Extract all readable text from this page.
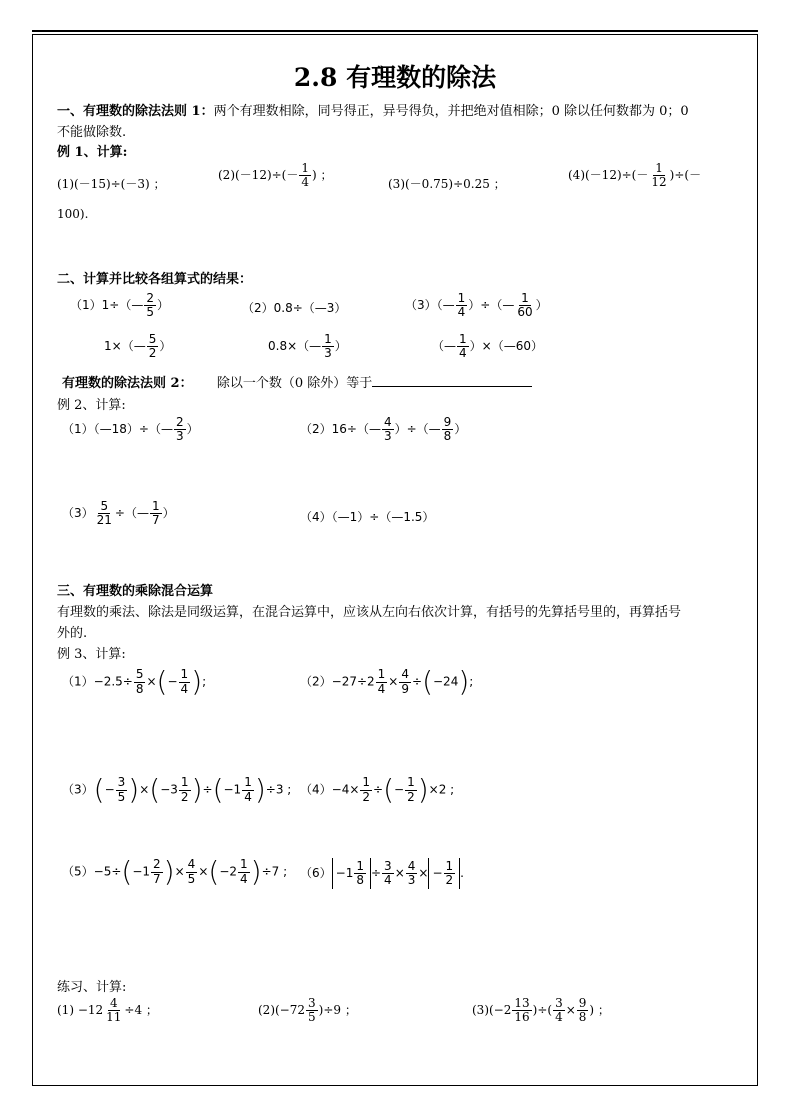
2.8 有理数的除法
一、有理数的除法法则 1：两个有理数相除，同号得正，异号得负，并把绝对值相除；0 除以任何数都为 0；0
不能做除数.
例 1、计算:
(1)(－15)÷(－3) ；
$(2)(-12)\div(- \frac{1}{4}$ ) ；
(3)(－0.75)÷0.25 ；
$(4)(-12)\div(- \frac{1}{12}$ )÷(－
100).
二、计算并比较各组算式的结果：
（1）1÷（— $\frac{2}{5}$ ）	（2）0.8÷（—3）	（3）（— $\frac{1}{4}$ ）÷（— $\frac{1}{60}$ ）
1×（— $\frac{5}{2}$ ）	0.8×（— $\frac{1}{3}$ ）	（— $\frac{1}{4}$ ）×（—60）
有理数的除法法则 2： 除以一个数（0 除外）等于
例 2、计算:
（1）（—18）÷（— $\frac{2}{3}$ ）	（2）16÷（— $\frac{4}{3}$ ）÷（— $\frac{9}{8}$ ）
$(3) \frac{5}{21}$ ÷（— $\frac{1}{7}$ ）	（4）（—1）÷（—1.5）
三、有理数的乘除混合运算
有理数的乘法、除法是同级运算，在混合运算中，应该从左向右依次计算，有括号的先算括号里的，再算括号
外的.
例 3、计算:
$(1)-2.5\div \frac{5}{8}$ ×(− $\frac{1}{4}$ );	$(2)-27\div 2 \frac{1}{4} \times \frac{4}{9} \div(-24)$;
$(3)(- \frac{3}{5} )\times(-3 \frac{1}{2} )\div(-1 \frac{1}{4} )\div 3$ ; $(4)-4\times \frac{1}{2}$ ÷(− $\frac{1}{2} )\times 2$ ;
$(5)-5\div(-1 \frac{2}{7}$ )× $\frac{4}{5} \times(-2 \frac{1}{4} )\div 7$ ; $(6) -1 \frac{1}{8} \div \frac{3}{4} \times \frac{4}{3}$ × − $\frac{1}{2}$ .
练习、计算:
$(1) -12 \frac{4}{11} \div 4$ ；	$(2)(-72 \frac{3}{5} )\div 9$ ；	$(3)(-2 \frac{13}{16}$ )÷( $\frac{3}{4} \times \frac{9}{8}$ ) ；
